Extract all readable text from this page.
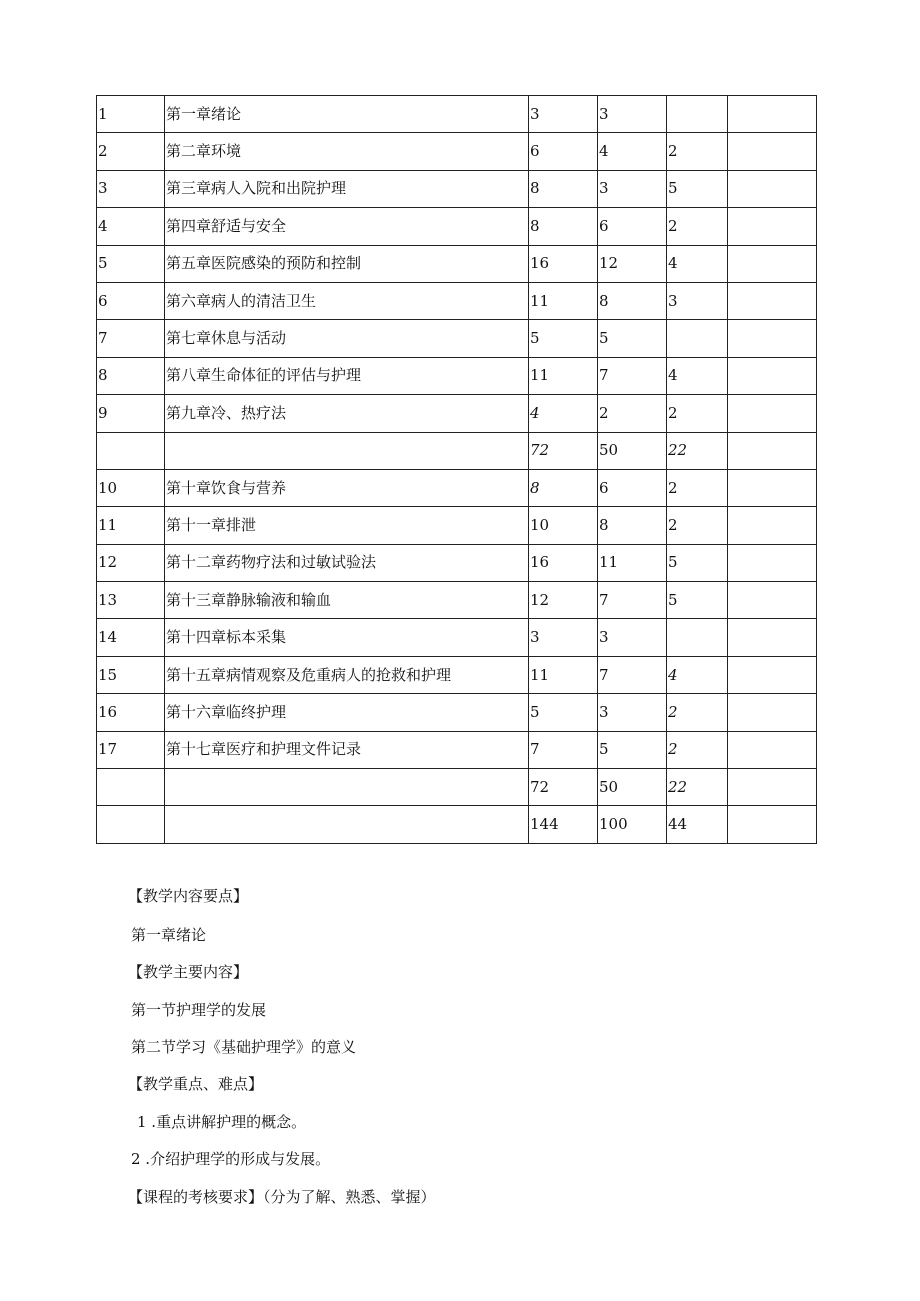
1	第一章绪论	3	3		
2	第二章环境	6	4	2	
3	第三章病人入院和出院护理	8	3	5	
4	第四章舒适与安全	8	6	2	
5	第五章医院感染的预防和控制	16	12	4	
6	第六章病人的清洁卫生	11	8	3	
7	第七章休息与活动	5	5		
8	第八章生命体征的评估与护理	11	7	4	
9	第九章冷、热疗法	4	2	2	
		72	50	22	
10	第十章饮食与营养	8	6	2	
11	第十一章排泄	10	8	2	
12	第十二章药物疗法和过敏试验法	16	11	5	
13	第十三章静脉输液和输血	12	7	5	
14	第十四章标本采集	3	3		
15	第十五章病情观察及危重病人的抢救和护理	11	7	4	
16	第十六章临终护理	5	3	2	
17	第十七章医疗和护理文件记录	7	5	2	
		72	50	22	
		144	100	44	
【教学内容要点】
第一章绪论
【教学主要内容】
第一节护理学的发展
第二节学习《基础护理学》的意义
【教学重点、难点】
1 .重点讲解护理的概念。
2 .介绍护理学的形成与发展。
【课程的考核要求】（分为了解、熟悉、掌握）
